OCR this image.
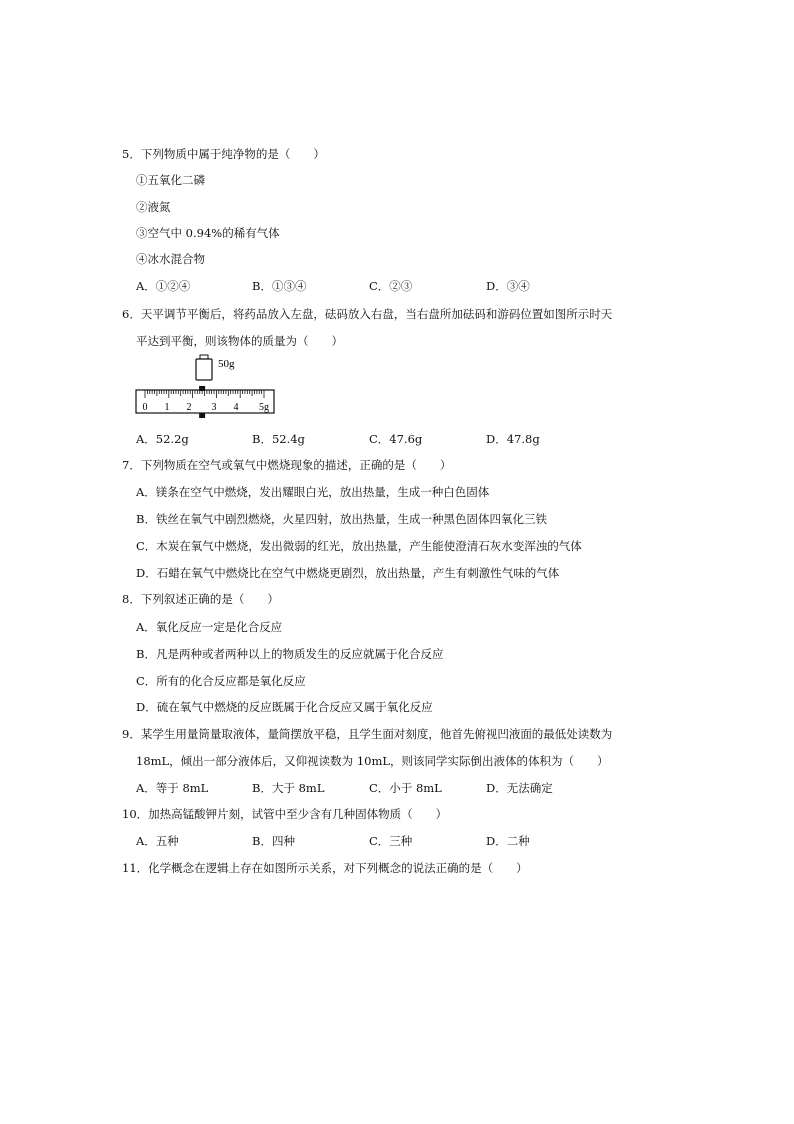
5．下列物质中属于纯净物的是（　　）
①五氧化二磷
②液氮
③空气中 0.94%的稀有气体
④冰水混合物
A．①②④	B．①③④	C．②③	D．③④
6．天平调节平衡后，将药品放入左盘，砝码放入右盘，当右盘所加砝码和游码位置如图所示时天
平达到平衡，则该物体的质量为（　　）
50g
0 1 2 3 4 5g
A．52.2g	B．52.4g	C．47.6g	D．47.8g
7．下列物质在空气或氧气中燃烧现象的描述，正确的是（　　）
A．镁条在空气中燃烧，发出耀眼白光，放出热量，生成一种白色固体
B．铁丝在氧气中剧烈燃烧，火星四射，放出热量，生成一种黑色固体四氧化三铁
C．木炭在氧气中燃烧，发出微弱的红光，放出热量，产生能使澄清石灰水变浑浊的气体
D．石蜡在氧气中燃烧比在空气中燃烧更剧烈，放出热量，产生有刺激性气味的气体
8．下列叙述正确的是（　　）
A．氧化反应一定是化合反应
B．凡是两种或者两种以上的物质发生的反应就属于化合反应
C．所有的化合反应都是氧化反应
D．硫在氧气中燃烧的反应既属于化合反应又属于氧化反应
9．某学生用量筒量取液体，量筒摆放平稳，且学生面对刻度，他首先俯视凹液面的最低处读数为
18mL，倾出一部分液体后，又仰视读数为 10mL，则该同学实际倒出液体的体积为（　　）
A．等于 8mL	B．大于 8mL	C．小于 8mL	D．无法确定
10．加热高锰酸钾片刻，试管中至少含有几种固体物质（　　）
A．五种	B．四种	C．三种	D．二种
11．化学概念在逻辑上存在如图所示关系，对下列概念的说法正确的是（　　）
